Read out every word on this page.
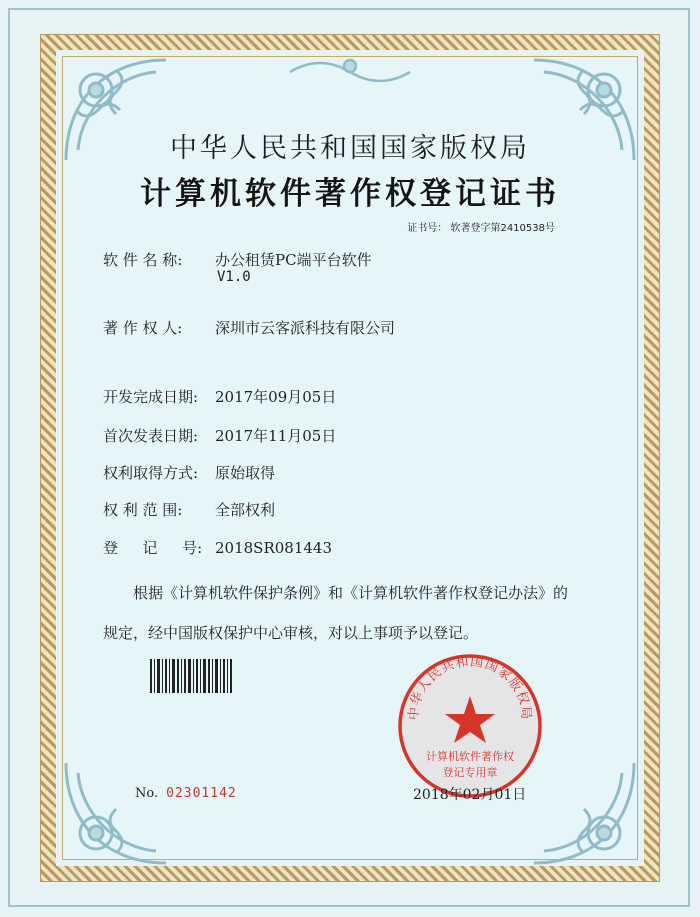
中华人民共和国国家版权局
计算机软件著作权登记证书
证书号： 软著登字第2410538号
软 件 名 称: 办公租赁PC端平台软件
V1.0
著 作 权 人: 深圳市云客派科技有限公司
开发完成日期: 2017年09月05日
首次发表日期: 2017年11月05日
权利取得方式: 原始取得
权 利 范 围: 全部权利
登 　 记 　 号: 2018SR081443
根据《计算机软件保护条例》和《计算机软件著作权登记办法》的
规定，经中国版权保护中心审核，对以上事项予以登记。
中华人民共和国国家版权局
计算机软件著作权
登记专用章
No. 02301142	2018年02月01日
